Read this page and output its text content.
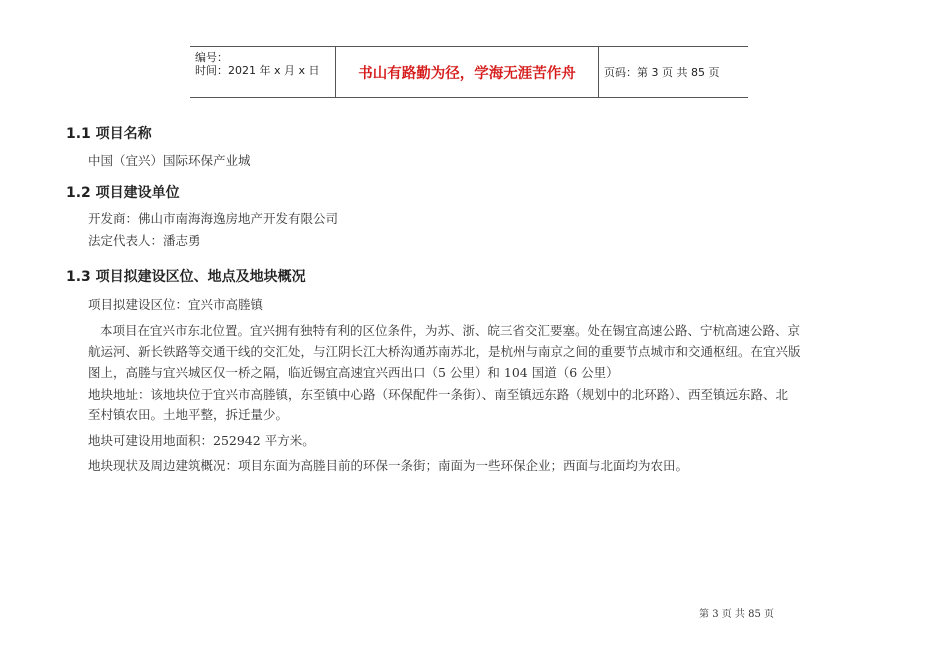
编号：
时间：2021 年 x 月 x 日	书山有路勤为径，学海无涯苦作舟	页码：第 3 页 共 85 页
1.1 项目名称

中国（宜兴）国际环保产业城

1.2 项目建设单位

开发商：佛山市南海海逸房地产开发有限公司

法定代表人：潘志勇

1.3 项目拟建设区位、地点及地块概况

项目拟建设区位：宜兴市高塍镇

本项目在宜兴市东北位置。宜兴拥有独特有利的区位条件，为苏、浙、皖三省交汇要塞。处在锡宜高速公路、宁杭高速公路、京

航运河、新长铁路等交通干线的交汇处，与江阴长江大桥沟通苏南苏北，是杭州与南京之间的重要节点城市和交通枢纽。在宜兴版

图上，高塍与宜兴城区仅一桥之隔，临近锡宜高速宜兴西出口（5 公里）和 104 国道（6 公里）

地块地址：该地块位于宜兴市高塍镇，东至镇中心路（环保配件一条街）、南至镇远东路（规划中的北环路）、西至镇远东路、北

至村镇农田。土地平整，拆迁量少。

地块可建设用地面积：252942 平方米。

地块现状及周边建筑概况：项目东面为高塍目前的环保一条街；南面为一些环保企业；西面与北面均为农田。

第 3 页 共 85 页
